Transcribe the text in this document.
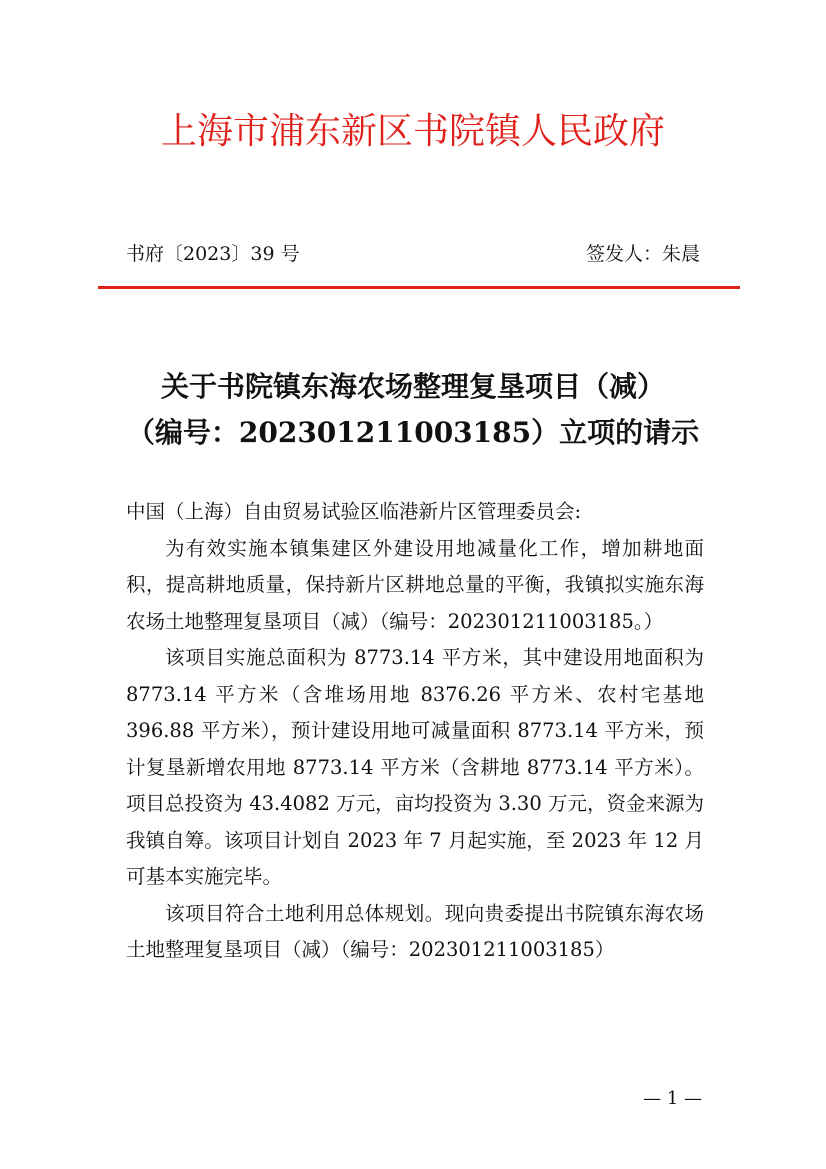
上海市浦东新区书院镇人民政府
书府〔2023〕39 号	签发人：朱晨
关于书院镇东海农场整理复垦项目（减）
（编号：202301211003185）立项的请示

中国（上海）自由贸易试验区临港新片区管理委员会:

为有效实施本镇集建区外建设用地减量化工作，增加耕地面积，提高耕地质量，保持新片区耕地总量的平衡，我镇拟实施东海农场土地整理复垦项目（减）（编号：202301211003185。）

该项目实施总面积为 8773.14 平方米，其中建设用地面积为 8773.14 平方米（含堆场用地 8376.26 平方米、农村宅基地 396.88 平方米），预计建设用地可减量面积 8773.14 平方米，预计复垦新增农用地 8773.14 平方米（含耕地 8773.14 平方米）。项目总投资为 43.4082 万元，亩均投资为 3.30 万元，资金来源为我镇自筹。该项目计划自 2023 年 7 月起实施，至 2023 年 12 月可基本实施完毕。

该项目符合土地利用总体规划。现向贵委提出书院镇东海农场土地整理复垦项目（减）（编号：202301211003185）

— 1 —
